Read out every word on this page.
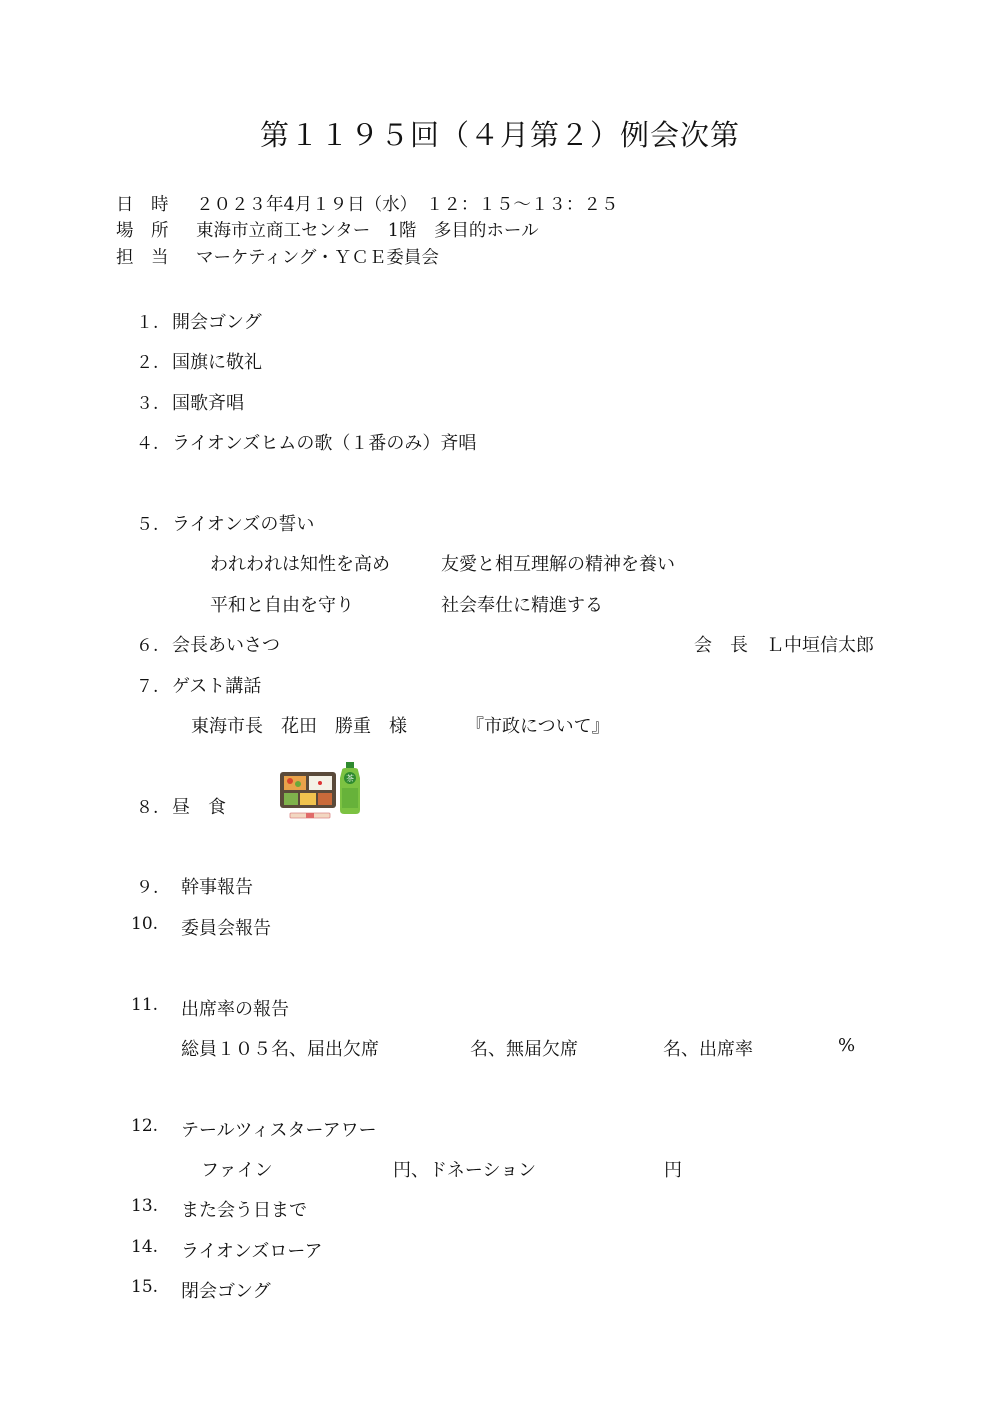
第１１９５回（４月第２）例会次第
日　時 ２０２３年4月１９日（水）　１２：１５〜１３：２５
場　所 東海市立商工センター　1階　多目的ホール
担　当 マーケティング・ＹＣＥ委員会
１. 開会ゴング
２. 国旗に敬礼
３. 国歌斉唱
４. ライオンズヒムの歌（１番のみ）斉唱
５. ライオンズの誓い
われわれは知性を高め	友愛と相互理解の精神を養い
平和と自由を守り	社会奉仕に精進する
６. 会長あいさつ	会　長　Ｌ中垣信太郎
７. ゲスト講話
東海市長　花田　勝重　様	『市政について』
８. 昼　食
茶
９. 幹事報告
10. 委員会報告
11. 出席率の報告
総員１０５名、届出欠席	名、無届欠席	名、出席率	%
12. テールツィスターアワー
ファイン	円、ドネーション	円
13. また会う日まで
14. ライオンズローア
15. 閉会ゴング
